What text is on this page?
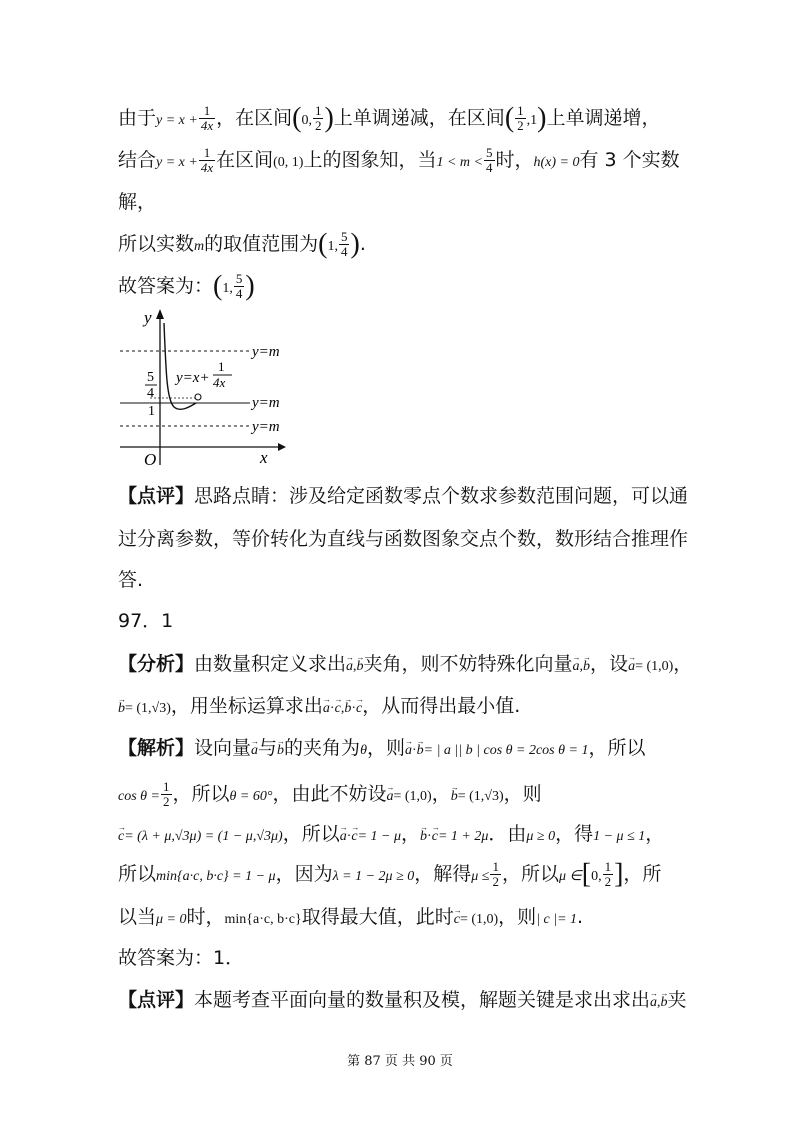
由于$y = x + \frac{1}{4x}$ ，在区间(0, $\frac{1}{2}$ )上单调递减，在区间( $\frac{1}{2} ,1$)上单调递增，
结合$y = x + \frac{1}{4x}$ 在区间(0, 1)上的图象知，当$1 < m < \frac{5}{4}$ 时，h(x) = 0有 3 个实数
解，
所以实数m的取值范围为(1, $\frac{5}{4}$ ).
故答案为：(1, $\frac{5}{4}$ )
y
x
O
y=m
y=m
y=m
5
4
1
y=x+
1
4x
【点评】思路点睛：涉及给定函数零点个数求参数范围问题，可以通
过分离参数，等价转化为直线与函数图象交点个数，数形结合推理作
答.
97．1
【分析】由数量积定义求出→ a,→ b夹角，则不妨特殊化向量→ a,→ b，设→ a= (1,0)，
→ b= (1,√3)，用坐标运算求出→ a·→ c,→ b·→ c，从而得出最小值.
【解析】设向量→ a与→ b的夹角为θ，则→ a·→ b= | a || b | cos θ = 2cos θ = 1，所以
$\cos \theta = \frac{1}{2}$ ，所以θ = 60°，由此不妨设→ a= (1,0)，→ b= (1,√3)，则
→ c= (λ + μ,√3μ) = (1 − μ,√3μ)，所以→ a·→ c= 1 − μ，→ b·→ c= 1 + 2μ．由μ ≥ 0，得1 − μ ≤ 1，
所以min{a·c, b·c} = 1 − μ，因为λ = 1 − 2μ ≥ 0，解得$\mu \le \frac{1}{2}$ ，所以μ ∈[0, $\frac{1}{2}$ ]，所
以当μ = 0时，min{a·c, b·c}取得最大值，此时→ c= (1,0)，则| c |= 1.
故答案为：1．
【点评】本题考查平面向量的数量积及模，解题关键是求出求出→ a,→ b夹
第 87 页 共 90 页
